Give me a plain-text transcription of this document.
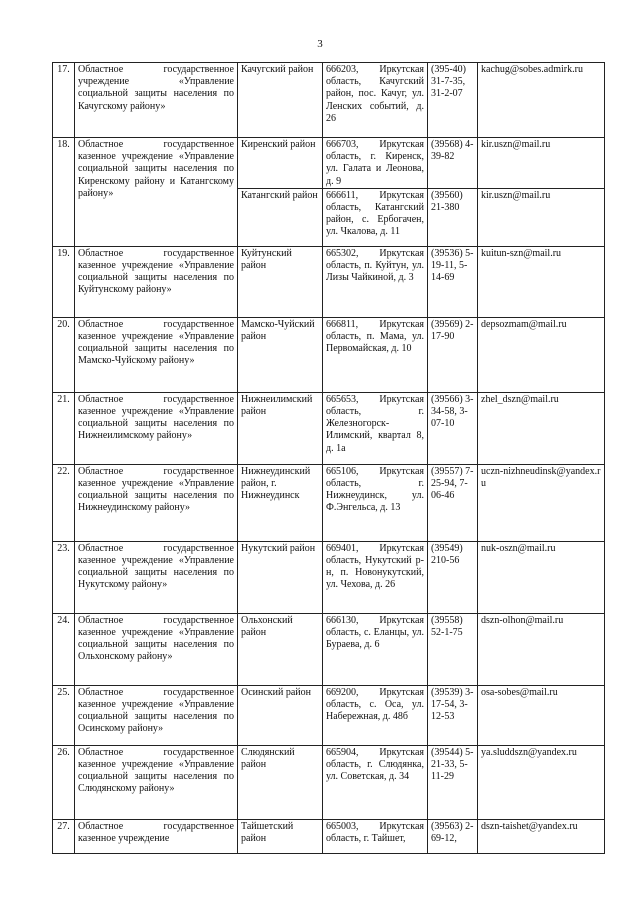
3
17.	Областное государственное учреждение «Управление социальной защиты населения по Качугскому району»	Качугский район	666203, Иркутская область, Качугский район, пос. Качуг, ул. Ленских событий, д. 26	(395-40) 31-7-35, 31-2-07	kachug@sobes.admirk.ru
18.	Областное государственное казенное учреждение «Управление социальной защиты населения по Киренскому району и Катангскому району»	Киренский район	666703, Иркутская область, г. Киренск, ул. Галата и Леонова, д. 9	(39568) 4-39-82	kir.uszn@mail.ru
		Катангский район	666611, Иркутская область, Катангский район, с. Ербогачен, ул. Чкалова, д. 11	(39560) 21-380	kir.uszn@mail.ru
19.	Областное государственное казенное учреждение «Управление социальной защиты населения по Куйтунскому району»	Куйтунский район	665302, Иркутская область, п. Куйтун, ул. Лизы Чайкиной, д. 3	(39536) 5-19-11, 5-14-69	kuitun-szn@mail.ru
20.	Областное государственное казенное учреждение «Управление социальной защиты населения по Мамско-Чуйскому району»	Мамско-Чуйский район	666811, Иркутская область, п. Мама, ул. Первомайская, д. 10	(39569) 2-17-90	depsozmam@mail.ru
21.	Областное государственное казенное учреждение «Управление социальной защиты населения по Нижнеилимскому району»	Нижнеилимский район	665653, Иркутская область, г. Железногорск-Илимский, квартал 8, д. 1а	(39566) 3-34-58, 3-07-10	zhel_dszn@mail.ru
22.	Областное государственное казенное учреждение «Управление социальной защиты населения по Нижнеудинскому району»	Нижнеудинский район, г. Нижнеудинск	665106, Иркутская область, г. Нижнеудинск, ул. Ф.Энгельса, д. 13	(39557) 7-25-94, 7-06-46	uczn-nizhneudinsk@yandex.ru
23.	Областное государственное казенное учреждение «Управление социальной защиты населения по Нукутскому району»	Нукутский район	669401, Иркутская область, Нукутский р-н, п. Новонукутский, ул. Чехова, д. 26	(39549) 210-56	nuk-oszn@mail.ru
24.	Областное государственное казенное учреждение «Управление социальной защиты населения по Ольхонскому району»	Ольхонский район	666130, Иркутская область, с. Еланцы, ул. Бураева, д. 6	(39558) 52-1-75	dszn-olhon@mail.ru
25.	Областное государственное казенное учреждение «Управление социальной защиты населения по Осинскому району»	Осинский район	669200, Иркутская область, с. Оса, ул. Набережная, д. 48б	(39539) 3-17-54, 3-12-53	osa-sobes@mail.ru
26.	Областное государственное казенное учреждение «Управление социальной защиты населения по Слюдянскому району»	Слюдянский район	665904, Иркутская область, г. Слюдянка, ул. Советская, д. 34	(39544) 5-21-33, 5-11-29	ya.sluddszn@yandex.ru
27.	Областное государственное казенное учреждение	Тайшетский район	665003, Иркутская область, г. Тайшет,	(39563) 2-69-12,	dszn-taishet@yandex.ru
